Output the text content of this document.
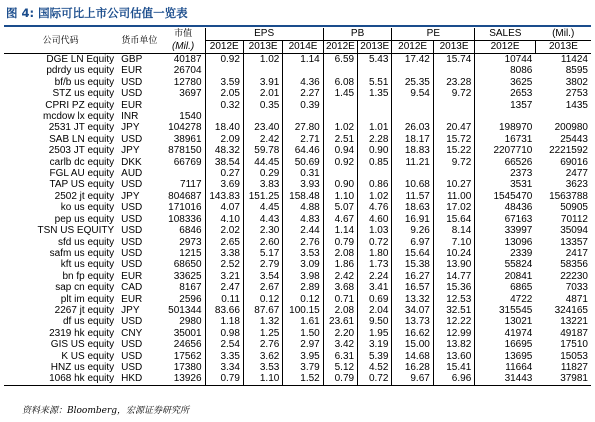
图 4: 国际可比上市公司估值一览表
公司代码	货币单位	市值	EPS			PB		PE		SALES	(Mil.)
		(Mil.)	2012E	2013E	2014E	2012E	2013E	2012E	2013E	2012E	2013E
DGE LN Equity	GBP	40187	0.92	1.02	1.14	6.59	5.43	17.42	15.74	10744	11424
pdrdy us equity	EUR	26704								8086	8595
bf/b us equity	USD	12780	3.59	3.91	4.36	6.08	5.51	25.35	23.28	3625	3802
STZ us equity	USD	3697	2.05	2.01	2.27	1.45	1.35	9.54	9.72	2653	2753
CPRI PZ equity	EUR		0.32	0.35	0.39					1357	1435
mcdow lx equity	INR	1540									
2531 JT equity	JPY	104278	18.40	23.40	27.80	1.02	1.01	26.03	20.47	198970	200980
SAB LN equity	USD	38961	2.09	2.42	2.71	2.51	2.28	18.17	15.72	16731	25443
2503 JT equity	JPY	878150	48.32	59.78	64.46	0.94	0.90	18.83	15.22	2207710	2221592
carlb dc equity	DKK	66769	38.54	44.45	50.69	0.92	0.85	11.21	9.72	66526	69016
FGL AU equity	AUD		0.27	0.29	0.31					2373	2477
TAP US equity	USD	7117	3.69	3.83	3.93	0.90	0.86	10.68	10.27	3531	3623
2502 jt equity	JPY	804687	143.83	151.25	158.48	1.10	1.02	11.57	11.00	1545470	1563788
ko us equity	USD	171016	4.07	4.45	4.88	5.07	4.76	18.63	17.02	48436	50905
pep us equity	USD	108336	4.10	4.43	4.83	4.67	4.60	16.91	15.64	67163	70112
TSN US EQUITY	USD	6846	2.02	2.30	2.44	1.14	1.03	9.26	8.14	33997	35094
sfd us equity	USD	2973	2.65	2.60	2.76	0.79	0.72	6.97	7.10	13096	13357
safm us equity	USD	1215	3.38	5.17	3.53	2.08	1.80	15.64	10.24	2339	2417
kft us equity	USD	68650	2.52	2.79	3.09	1.86	1.73	15.38	13.90	55824	58356
bn fp equity	EUR	33625	3.21	3.54	3.98	2.42	2.24	16.27	14.77	20841	22230
sap cn equity	CAD	8167	2.47	2.67	2.89	3.68	3.41	16.57	15.36	6865	7033
plt im equity	EUR	2596	0.11	0.12	0.12	0.71	0.69	13.32	12.53	4722	4871
2267 jt equity	JPY	501344	83.66	87.67	100.15	2.08	2.04	34.07	32.51	315545	324165
df us equity	USD	2980	1.18	1.32	1.61	23.61	9.50	13.73	12.22	13021	13221
2319 hk equity	CNY	35001	0.98	1.25	1.50	2.20	1.95	16.62	12.99	41974	49187
GIS US equity	USD	24656	2.54	2.76	2.97	3.42	3.19	15.00	13.82	16695	17510
K US equity	USD	17562	3.35	3.62	3.95	6.31	5.39	14.68	13.60	13695	15053
HNZ us equity	USD	17380	3.34	3.53	3.79	5.12	4.52	16.28	15.41	11664	11827
1068 hk equity	HKD	13926	0.79	1.10	1.52	0.79	0.72	9.67	6.96	31443	37981
资料来源：Bloomberg，宏源证券研究所
